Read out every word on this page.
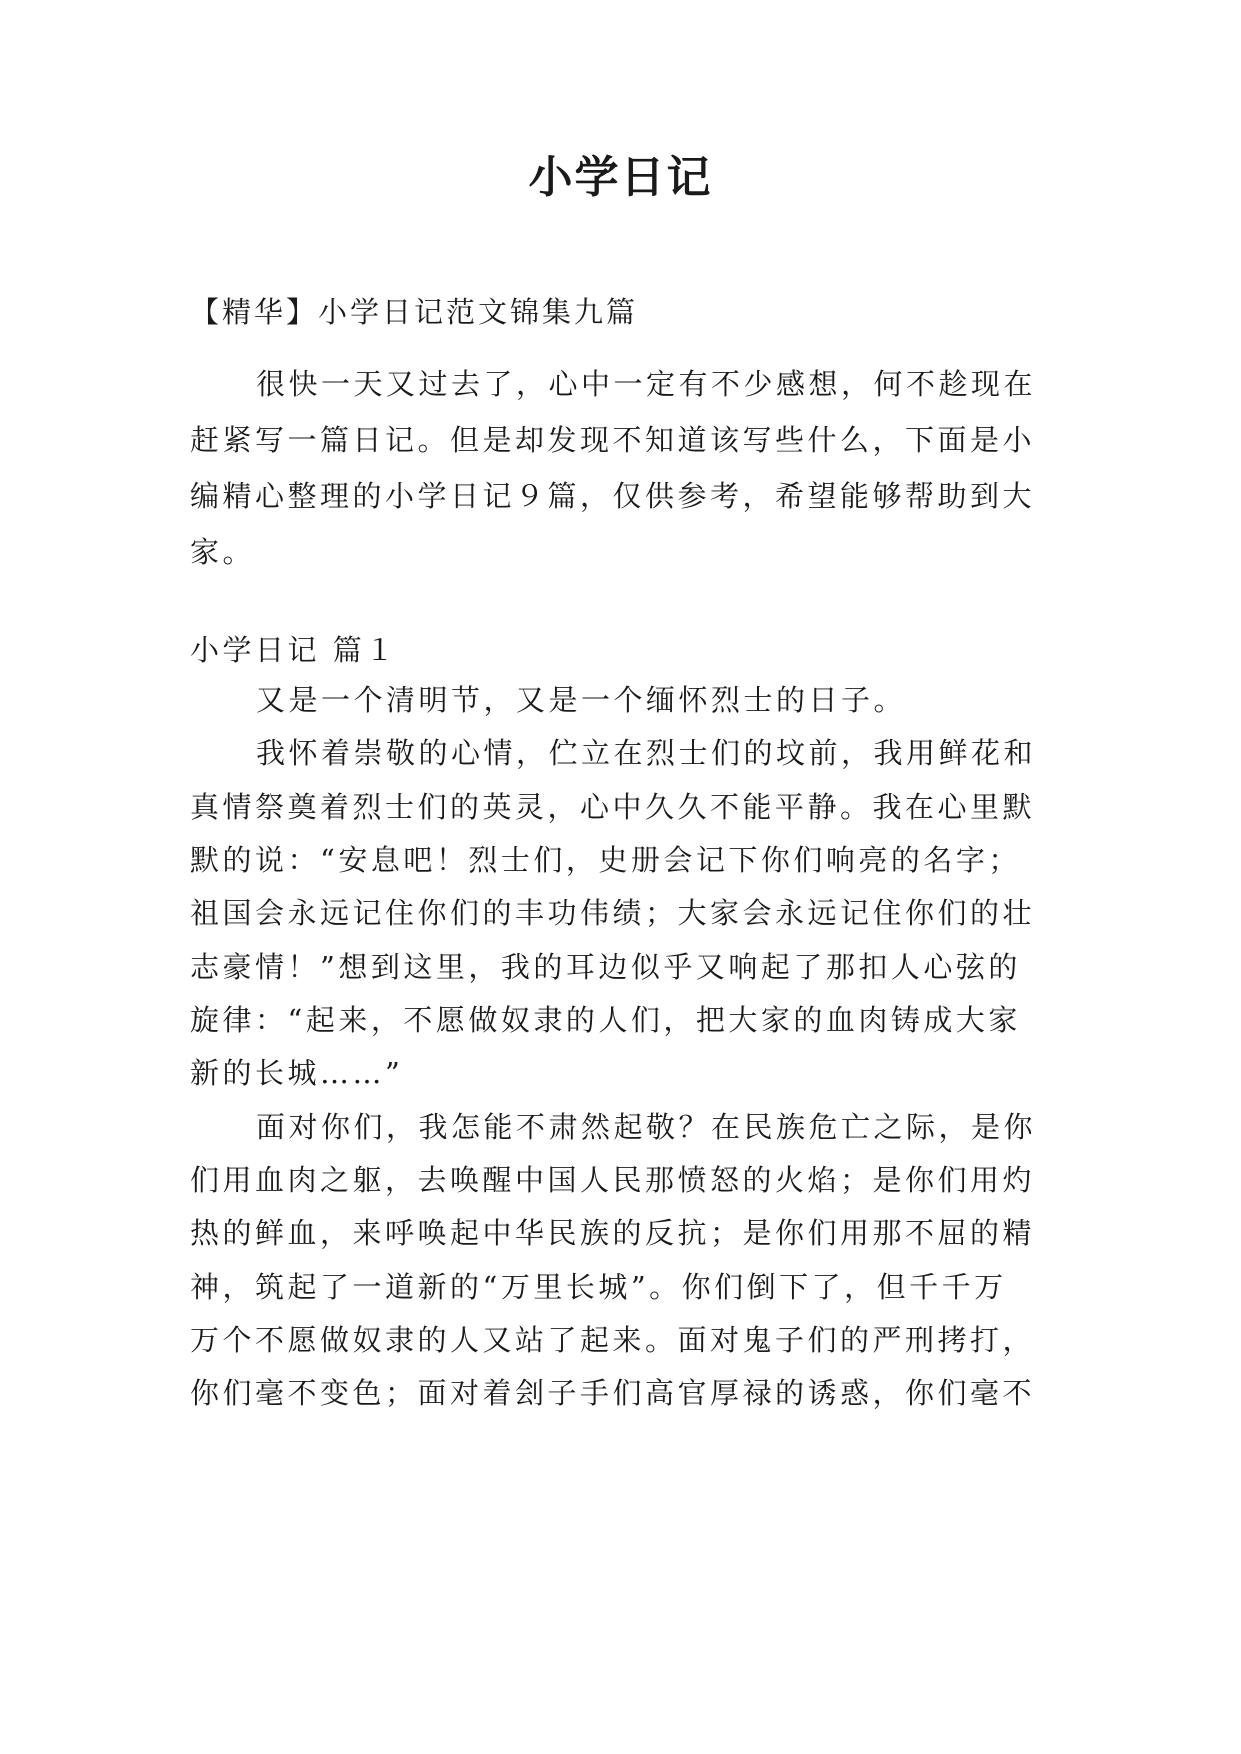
小学日记
【精华】小学日记范文锦集九篇
很快一天又过去了，心中一定有不少感想，何不趁现在
赶紧写一篇日记。但是却发现不知道该写些什么，下面是小
编精心整理的小学日记９篇，仅供参考，希望能够帮助到大
家。
小学日记 篇１
又是一个清明节，又是一个缅怀烈士的日子。
我怀着崇敬的心情，伫立在烈士们的坟前，我用鲜花和
真情祭奠着烈士们的英灵，心中久久不能平静。我在心里默
默的说：“安息吧！烈士们，史册会记下你们响亮的名字；
祖国会永远记住你们的丰功伟绩；大家会永远记住你们的壮
志豪情！”想到这里，我的耳边似乎又响起了那扣人心弦的
旋律：“起来，不愿做奴隶的人们，把大家的血肉铸成大家
新的长城……”
面对你们，我怎能不肃然起敬？在民族危亡之际，是你
们用血肉之躯，去唤醒中国人民那愤怒的火焰；是你们用灼
热的鲜血，来呼唤起中华民族的反抗；是你们用那不屈的精
神，筑起了一道新的“万里长城”。你们倒下了，但千千万
万个不愿做奴隶的人又站了起来。面对鬼子们的严刑拷打，
你们毫不变色；面对着刽子手们高官厚禄的诱惑，你们毫不
